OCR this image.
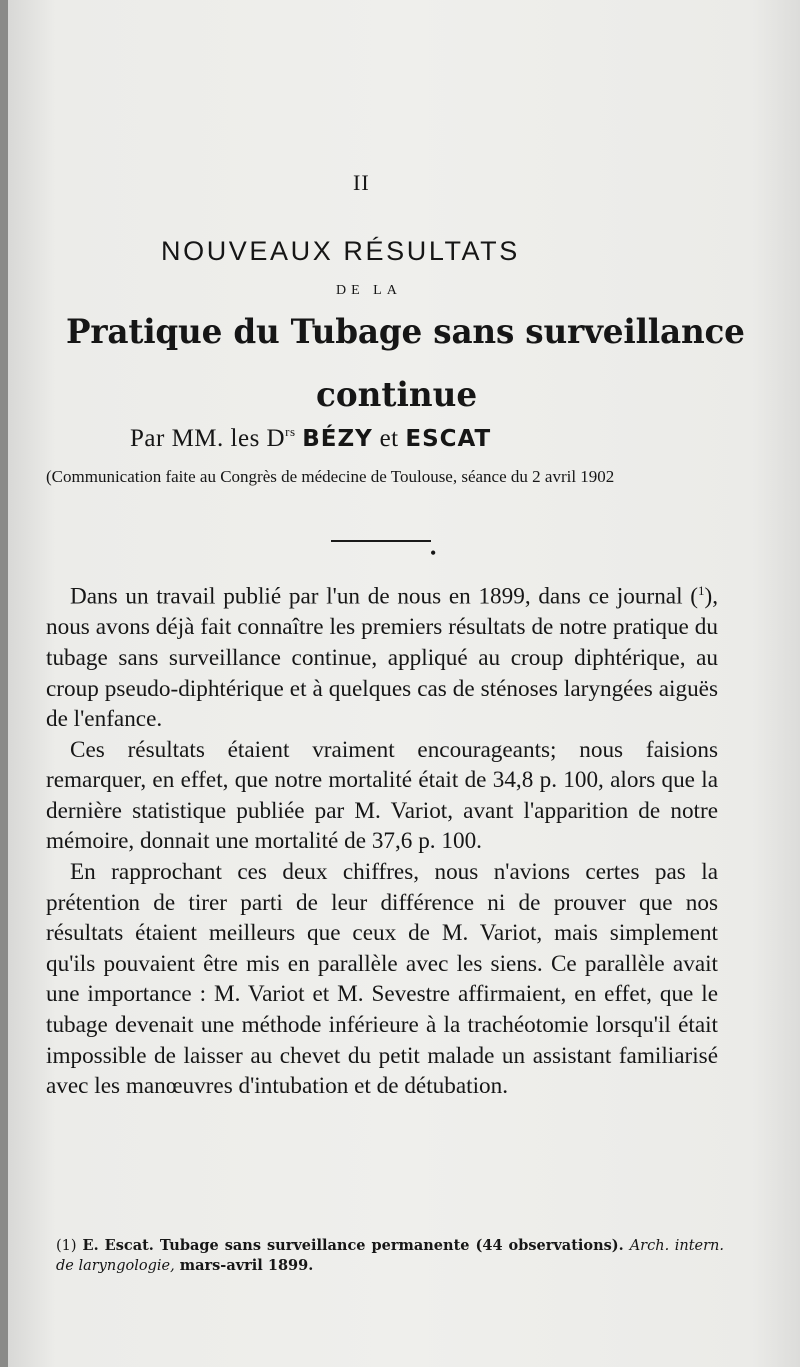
II
NOUVEAUX RÉSULTATS
DE LA
Pratique du Tubage sans surveillance
continue
Par MM. les $D^{rs}$ BÉZY et ESCAT
(Communication faite au Congrès de médecine de Toulouse, séance du 2 avril 1902
•

Dans un travail publié par l'un de nous en 1899, dans ce journal ($^1$), nous avons déjà fait connaître les premiers résultats de notre pratique du tubage sans surveillance continue, appliqué au croup diphtérique, au croup pseudo-diphtérique et à quelques cas de sténoses laryngées aiguës de l'enfance.

Ces résultats étaient vraiment encourageants; nous faisions remarquer, en effet, que notre mortalité était de 34,8 p. 100, alors que la dernière statistique publiée par M. Variot, avant l'apparition de notre mémoire, donnait une mortalité de 37,6 p. 100.

En rapprochant ces deux chiffres, nous n'avions certes pas la prétention de tirer parti de leur différence ni de prouver que nos résultats étaient meilleurs que ceux de M. Variot, mais simplement qu'ils pouvaient être mis en parallèle avec les siens. Ce parallèle avait une importance : M. Variot et M. Sevestre affirmaient, en effet, que le tubage devenait une méthode inférieure à la trachéotomie lorsqu'il était impossible de laisser au chevet du petit malade un assistant familiarisé avec les manœuvres d'intubation et de détubation.

(1) E. Escat. Tubage sans surveillance permanente (44 observations). Arch. intern. de laryngologie, mars-avril 1899.
